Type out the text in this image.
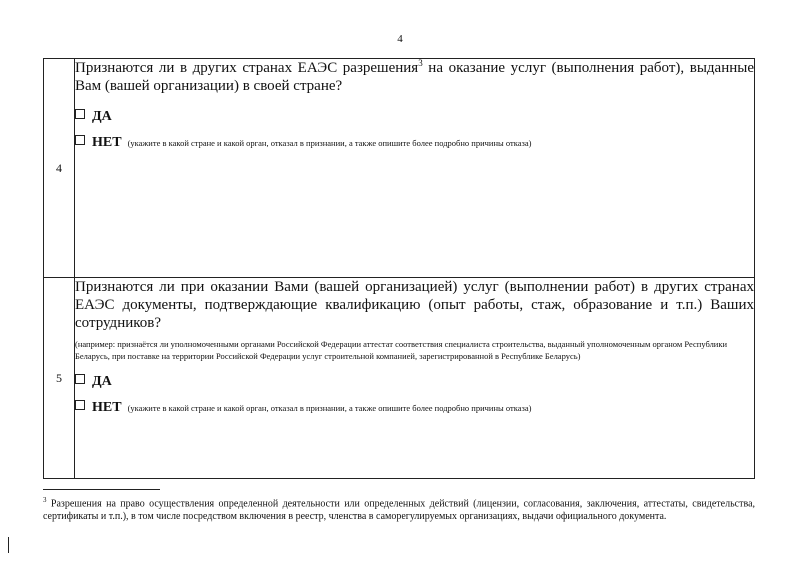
4
4	Признаются ли в других странах ЕАЭС разрешения$^3$ на оказание услуг (выполнения работ), выданные Вам (вашей организации) в своей стране?
ДА
НЕТ (укажите в какой стране и какой орган, отказал в признании, а также опишите более подробно причины отказа)

5	Признаются ли при оказании Вами (вашей организацией) услуг (выполнении работ) в других странах ЕАЭС документы, подтверждающие квалификацию (опыт работы, стаж, образование и т.п.) Ваших сотрудников?
(например: признаётся ли уполномоченными органами Российской Федерации аттестат соответствия специалиста строительства, выданный уполномоченным органом Республики Беларусь, при поставке на территории Российской Федерации услуг строительной компанией, зарегистрированной в Республике Беларусь)
ДА
НЕТ (укажите в какой стране и какой орган, отказал в признании, а также опишите более подробно причины отказа)
$^3$ Разрешения на право осуществления определенной деятельности или определенных действий (лицензии, согласования, заключения, аттестаты, свидетельства, сертификаты и т.п.), в том числе посредством включения в реестр, членства в саморегулируемых организациях, выдачи официального документа.
